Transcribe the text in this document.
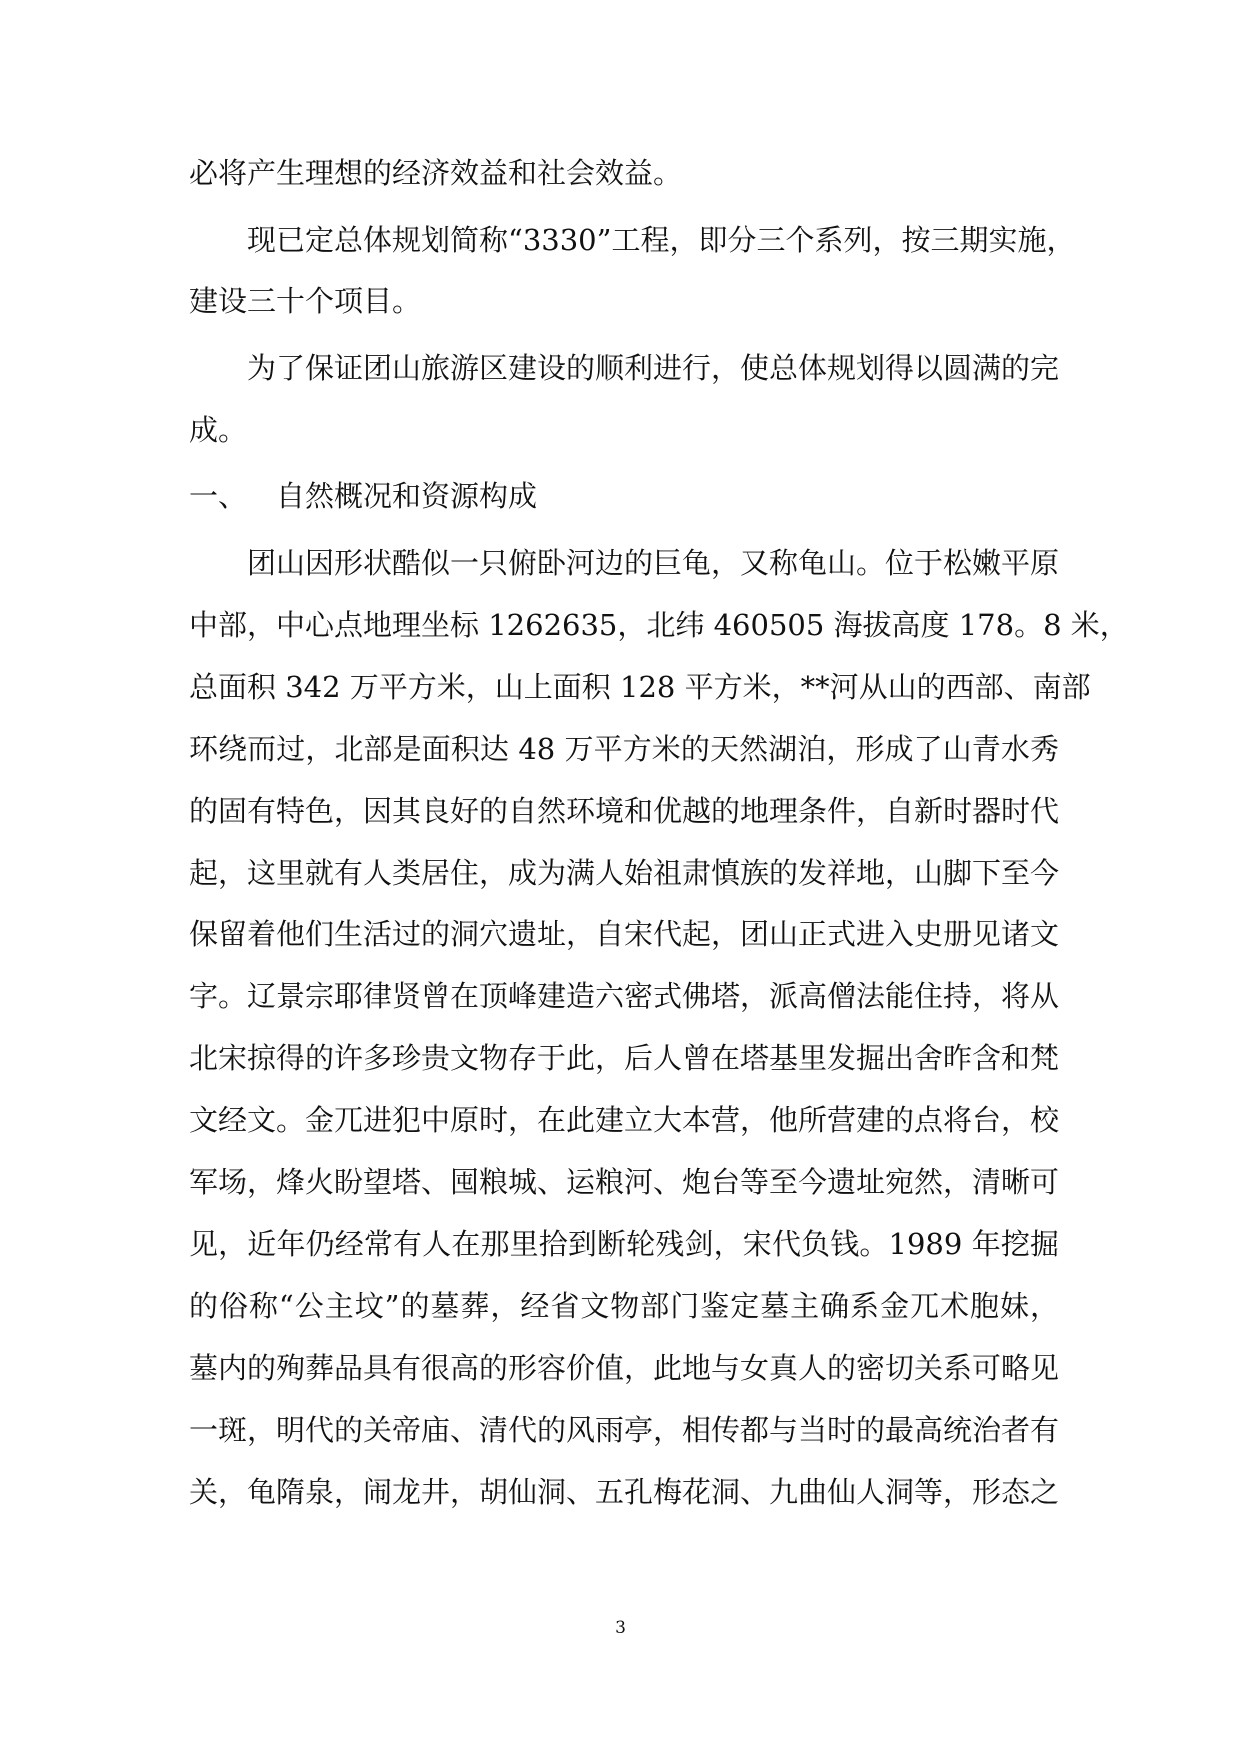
必将产生理想的经济效益和社会效益。
现已定总体规划简称“3330”工程，即分三个系列，按三期实施，
建设三十个项目。
为了保证团山旅游区建设的顺利进行，使总体规划得以圆满的完
成。
一、 自然概况和资源构成
团山因形状酷似一只俯卧河边的巨龟，又称龟山。位于松嫩平原
中部，中心点地理坐标 1262635，北纬 460505 海拔高度 178。8 米，
总面积 342 万平方米，山上面积 128 平方米，**河从山的西部、南部
环绕而过，北部是面积达 48 万平方米的天然湖泊，形成了山青水秀
的固有特色，因其良好的自然环境和优越的地理条件，自新时器时代
起，这里就有人类居住，成为满人始祖肃慎族的发祥地，山脚下至今
保留着他们生活过的洞穴遗址，自宋代起，团山正式进入史册见诸文
字。辽景宗耶律贤曾在顶峰建造六密式佛塔，派高僧法能住持，将从
北宋掠得的许多珍贵文物存于此，后人曾在塔基里发掘出舍昨含和梵
文经文。金兀进犯中原时，在此建立大本营，他所营建的点将台，校
军场，烽火盼望塔、囤粮城、运粮河、炮台等至今遗址宛然，清晰可
见，近年仍经常有人在那里拾到断轮残剑，宋代负钱。1989 年挖掘
的俗称“公主坟”的墓葬，经省文物部门鉴定墓主确系金兀术胞妹，
墓内的殉葬品具有很高的形容价值，此地与女真人的密切关系可略见
一斑，明代的关帝庙、清代的风雨亭，相传都与当时的最高统治者有
关，龟隋泉，闹龙井，胡仙洞、五孔梅花洞、九曲仙人洞等，形态之
3
